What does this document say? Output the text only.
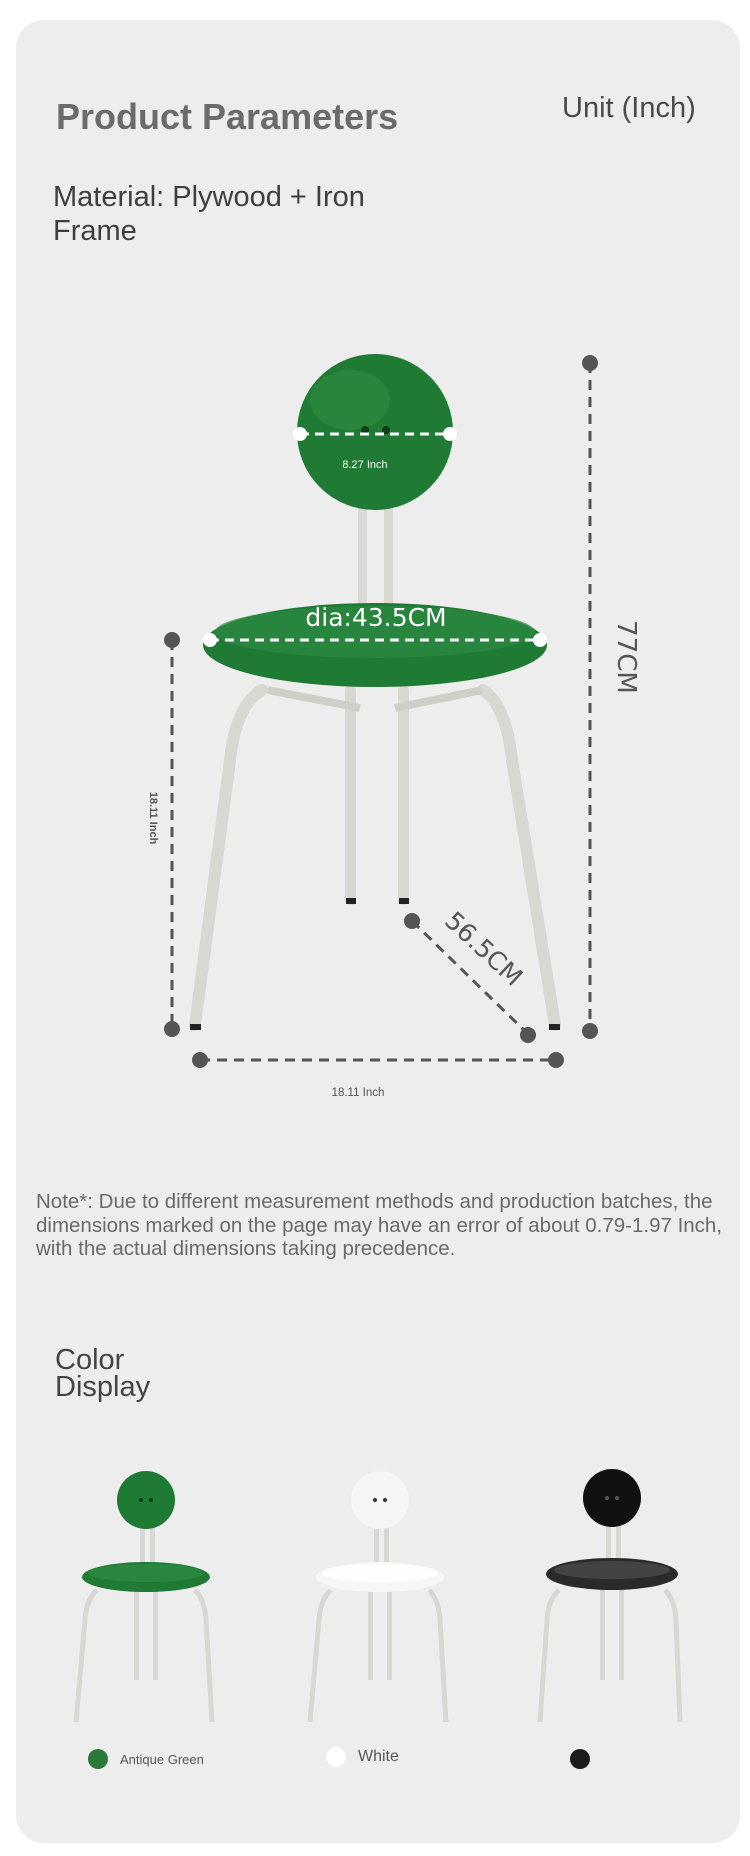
Product Parameters	Unit (Inch)
Material: Plywood + Iron Frame
8.27 Inch
dia:43.5CM
77CM
18.11 Inch
56.5CM
18.11 Inch
Note*: Due to different measurement methods and production batches, the dimensions marked on the page may have an error of about 0.79-1.97 Inch, with the actual dimensions taking precedence.
Color Display
Antique Green	White
